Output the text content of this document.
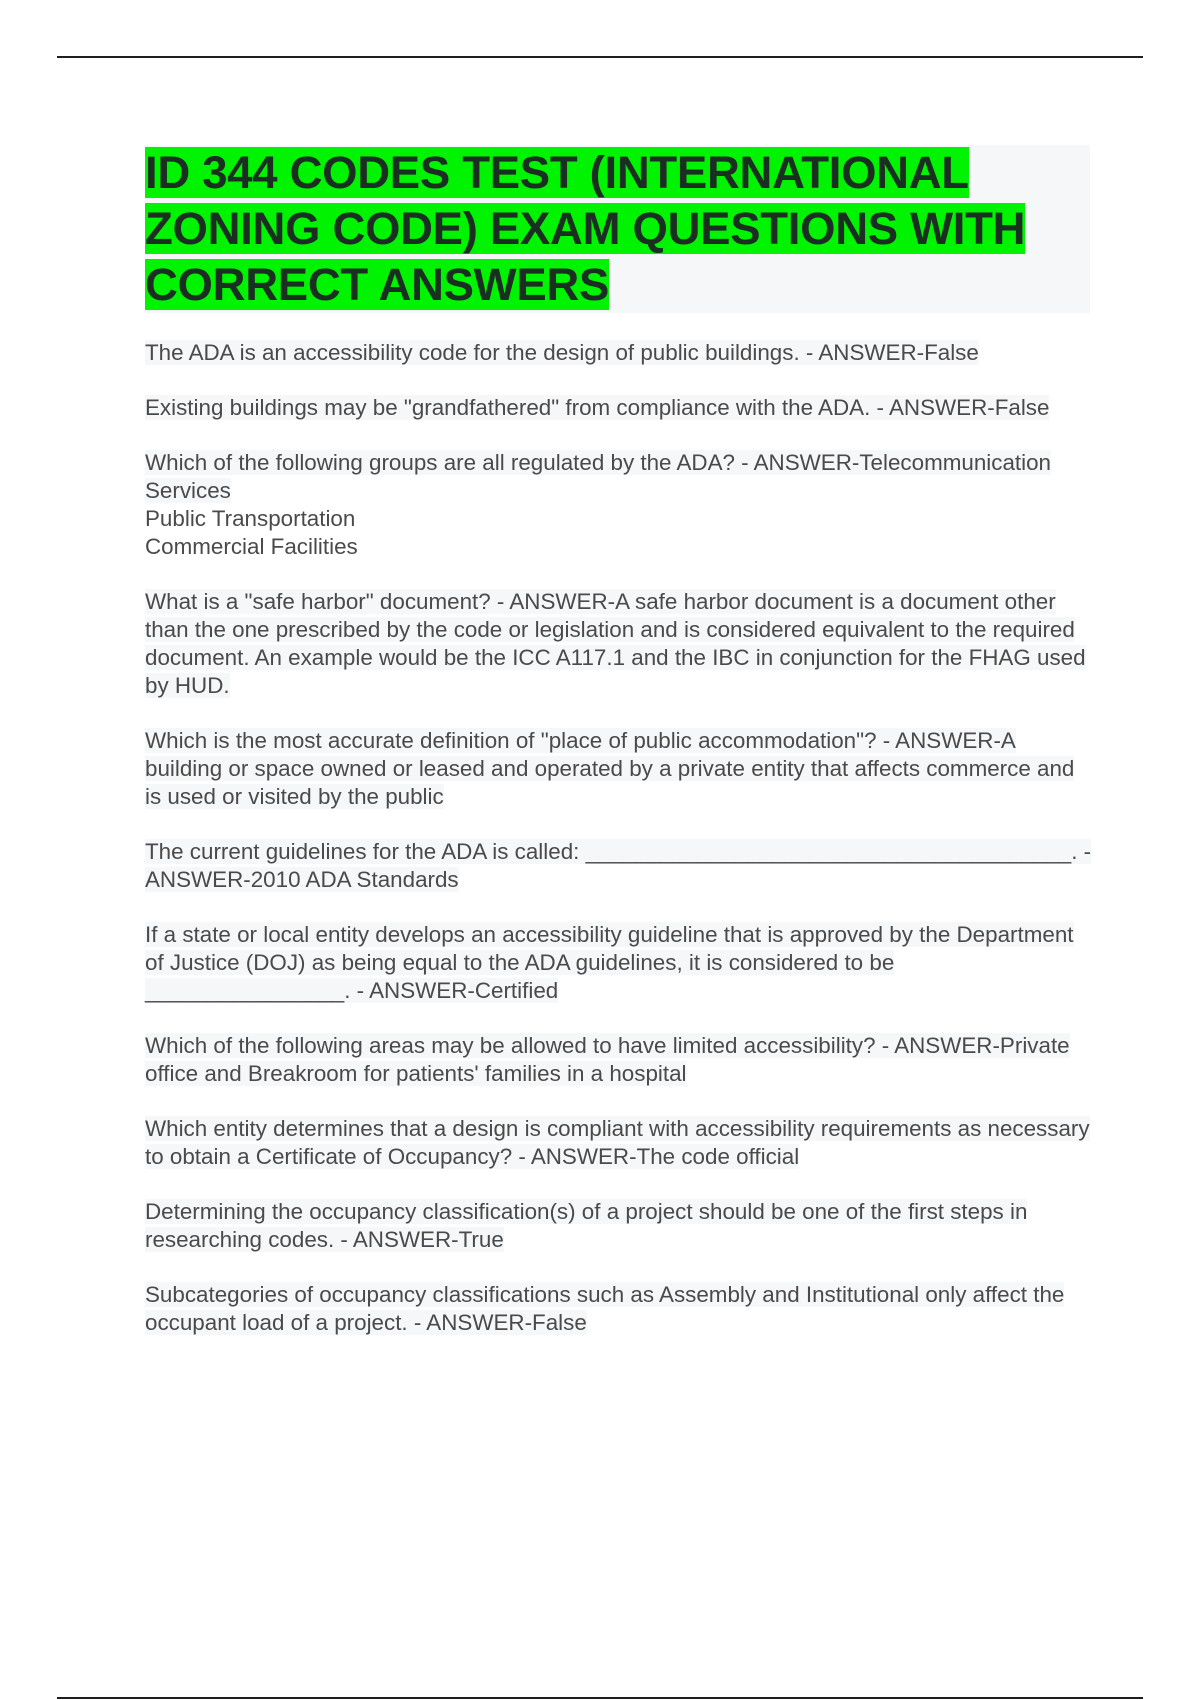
ID 344 CODES TEST (INTERNATIONAL ZONING CODE) EXAM QUESTIONS WITH CORRECT ANSWERS
The ADA is an accessibility code for the design of public buildings. - ANSWER-False
Existing buildings may be "grandfathered" from compliance with the ADA. - ANSWER-False
Which of the following groups are all regulated by the ADA? - ANSWER-Telecommunication Services
Public Transportation
Commercial Facilities
What is a "safe harbor" document? - ANSWER-A safe harbor document is a document other than the one prescribed by the code or legislation and is considered equivalent to the required document. An example would be the ICC A117.1 and the IBC in conjunction for the FHAG used by HUD.
Which is the most accurate definition of "place of public accommodation"? - ANSWER-A building or space owned or leased and operated by a private entity that affects commerce and is used or visited by the public
The current guidelines for the ADA is called: _______________________________________. - ANSWER-2010 ADA Standards
If a state or local entity develops an accessibility guideline that is approved by the Department of Justice (DOJ) as being equal to the ADA guidelines, it is considered to be ________________. - ANSWER-Certified
Which of the following areas may be allowed to have limited accessibility? - ANSWER-Private office and Breakroom for patients' families in a hospital
Which entity determines that a design is compliant with accessibility requirements as necessary to obtain a Certificate of Occupancy? - ANSWER-The code official
Determining the occupancy classification(s) of a project should be one of the first steps in researching codes. - ANSWER-True
Subcategories of occupancy classifications such as Assembly and Institutional only affect the occupant load of a project. - ANSWER-False
